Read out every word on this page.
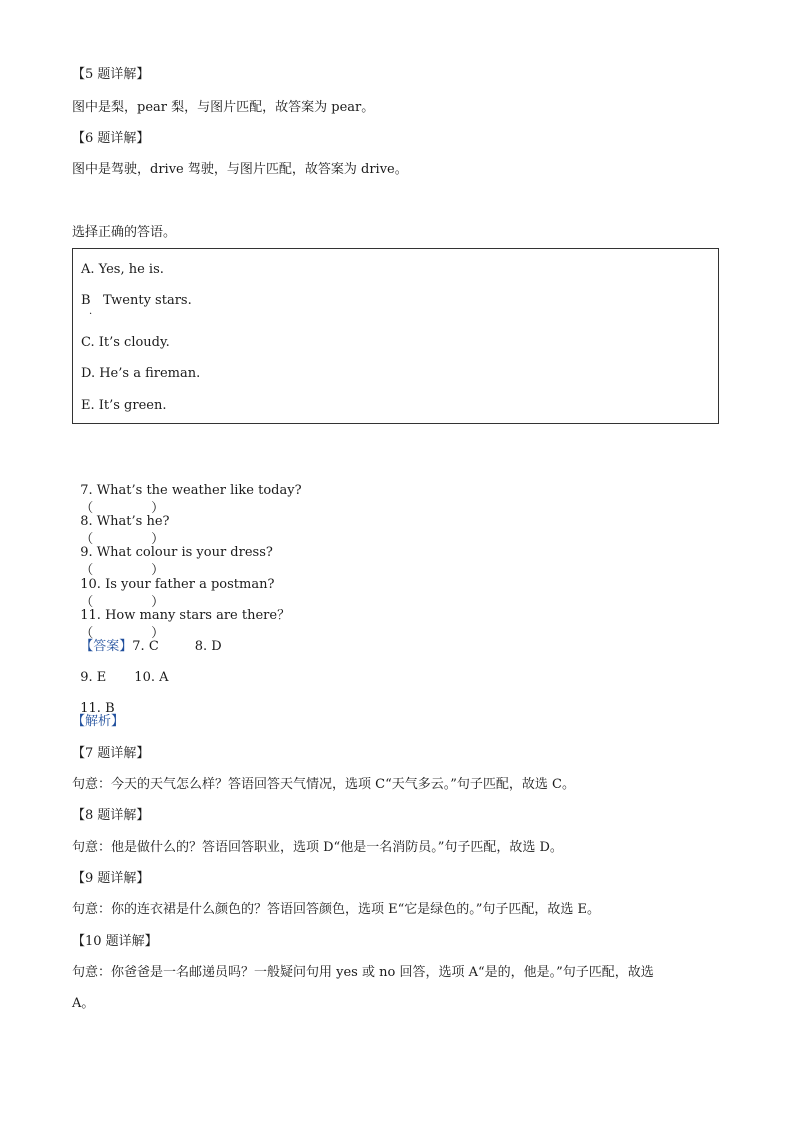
【5 题详解】
图中是梨，pear 梨，与图片匹配，故答案为 pear。
【6 题详解】
图中是驾驶，drive 驾驶，与图片匹配，故答案为 drive。
选择正确的答语。
A. Yes, he is.
B   Twenty stars.
.
C. It’s cloudy.
D. He’s a fireman.
E. It’s green.

7. What’s the weather like today?
（              ）

8. What’s he?
（              ）

9. What colour is your dress?
（              ）

10. Is your father a postman?
（              ）

11. How many stars are there？
（              ）

【答案】7. C	8. D

9. E 10. A

11. B

【解析】
【7 题详解】
句意：今天的天气怎么样？答语回答天气情况，选项 C“天气多云。”句子匹配，故选 C。
【8 题详解】
句意：他是做什么的？答语回答职业，选项 D“他是一名消防员。”句子匹配，故选 D。
【9 题详解】
句意：你的连衣裙是什么颜色的？答语回答颜色，选项 E“它是绿色的。”句子匹配，故选 E。
【10 题详解】
句意：你爸爸是一名邮递员吗？一般疑问句用 yes 或 no 回答，选项 A“是的，他是。”句子匹配，故选
A。
